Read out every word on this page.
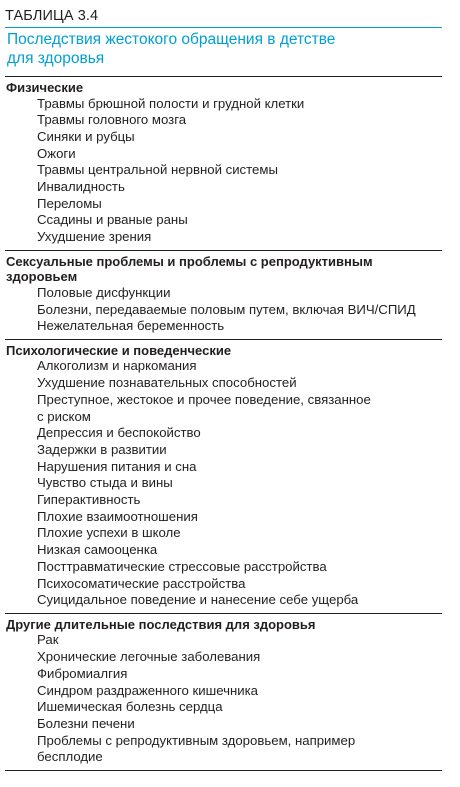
ТАБЛИЦА 3.4
Последствия жестокого обращения в детстве
для здоровья
Физические
Травмы брюшной полости и грудной клетки
Травмы головного мозга
Синяки и рубцы
Ожоги
Травмы центральной нервной системы
Инвалидность
Переломы
Ссадины и рваные раны
Ухудшение зрения
Сексуальные проблемы и проблемы с репродуктивным
здоровьем
Половые дисфункции
Болезни, передаваемые половым путем, включая ВИЧ/СПИД
Нежелательная беременность
Психологические и поведенческие
Алкоголизм и наркомания
Ухудшение познавательных способностей
Преступное, жестокое и прочее поведение, связанное
с риском
Депрессия и беспокойство
Задержки в развитии
Нарушения питания и сна
Чувство стыда и вины
Гиперактивность
Плохие взаимоотношения
Плохие успехи в школе
Низкая самооценка
Посттравматические стрессовые расстройства
Психосоматические расстройства
Суицидальное поведение и нанесение себе ущерба
Другие длительные последствия для здоровья
Рак
Хронические легочные заболевания
Фибромиалгия
Синдром раздраженного кишечника
Ишемическая болезнь сердца
Болезни печени
Проблемы с репродуктивным здоровьем, например
бесплодие
